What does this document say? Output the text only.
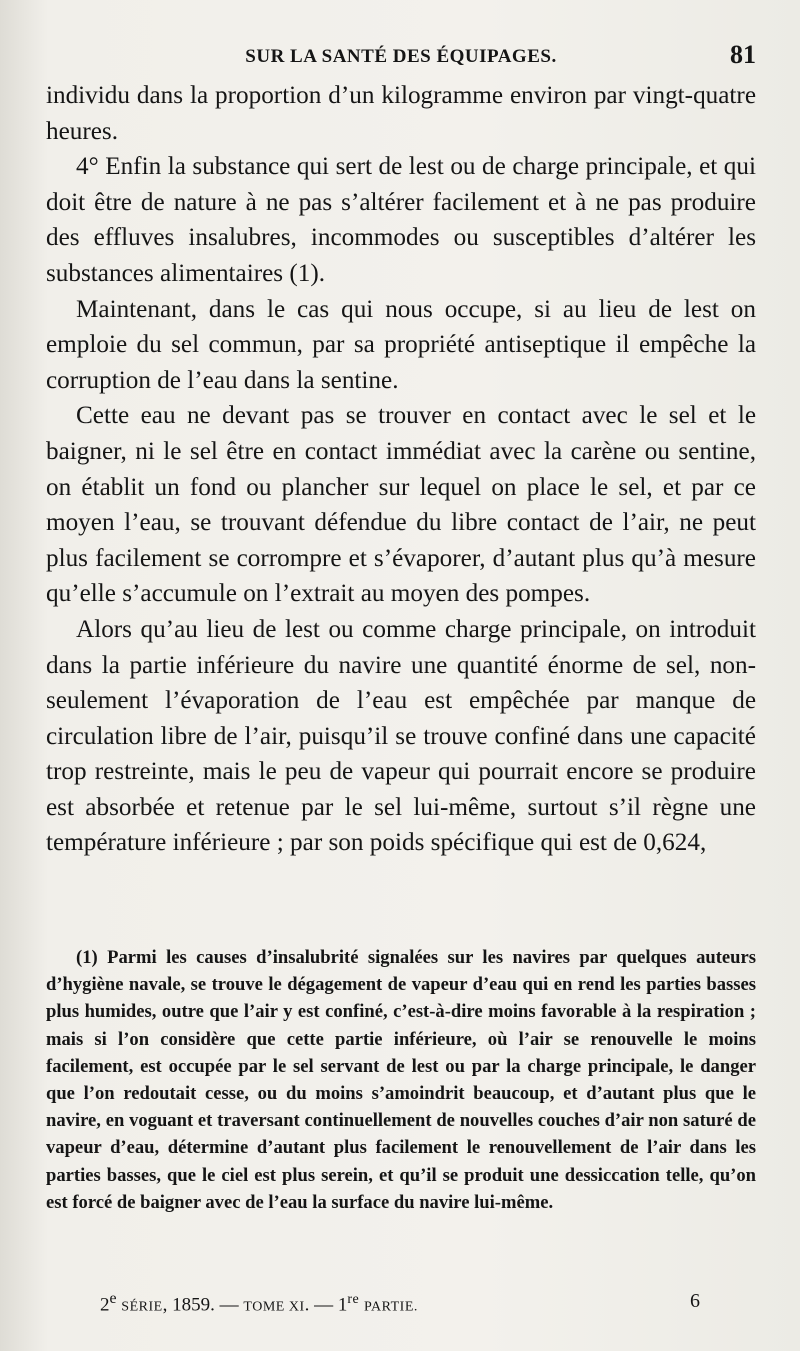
SUR LA SANTÉ DES ÉQUIPAGES.	81

individu dans la proportion d’un kilogramme environ par vingt-quatre heures.

4° Enfin la substance qui sert de lest ou de charge principale, et qui doit être de nature à ne pas s’altérer facilement et à ne pas produire des effluves insalubres, incommodes ou susceptibles d’altérer les substances alimentaires (1).

Maintenant, dans le cas qui nous occupe, si au lieu de lest on emploie du sel commun, par sa propriété antiseptique il empêche la corruption de l’eau dans la sentine.

Cette eau ne devant pas se trouver en contact avec le sel et le baigner, ni le sel être en contact immédiat avec la carène ou sentine, on établit un fond ou plancher sur lequel on place le sel, et par ce moyen l’eau, se trouvant défendue du libre contact de l’air, ne peut plus facilement se corrompre et s’évaporer, d’autant plus qu’à mesure qu’elle s’accumule on l’extrait au moyen des pompes.

Alors qu’au lieu de lest ou comme charge principale, on introduit dans la partie inférieure du navire une quantité énorme de sel, non-seulement l’évaporation de l’eau est empêchée par manque de circulation libre de l’air, puisqu’il se trouve confiné dans une capacité trop restreinte, mais le peu de vapeur qui pourrait encore se produire est absorbée et retenue par le sel lui-même, surtout s’il règne une température inférieure ; par son poids spécifique qui est de 0,624,

(1) Parmi les causes d’insalubrité signalées sur les navires par quelques auteurs d’hygiène navale, se trouve le dégagement de vapeur d’eau qui en rend les parties basses plus humides, outre que l’air y est confiné, c’est-à-dire moins favorable à la respiration ; mais si l’on considère que cette partie inférieure, où l’air se renouvelle le moins facilement, est occupée par le sel servant de lest ou par la charge principale, le danger que l’on redoutait cesse, ou du moins s’amoindrit beaucoup, et d’autant plus que le navire, en voguant et traversant continuellement de nouvelles couches d’air non saturé de vapeur d’eau, détermine d’autant plus facilement le renouvellement de l’air dans les parties basses, que le ciel est plus serein, et qu’il se produit une dessiccation telle, qu’on est forcé de baigner avec de l’eau la surface du navire lui-même.

2e SÉRIE, 1859. — TOME XI. — 1re PARTIE.	6
